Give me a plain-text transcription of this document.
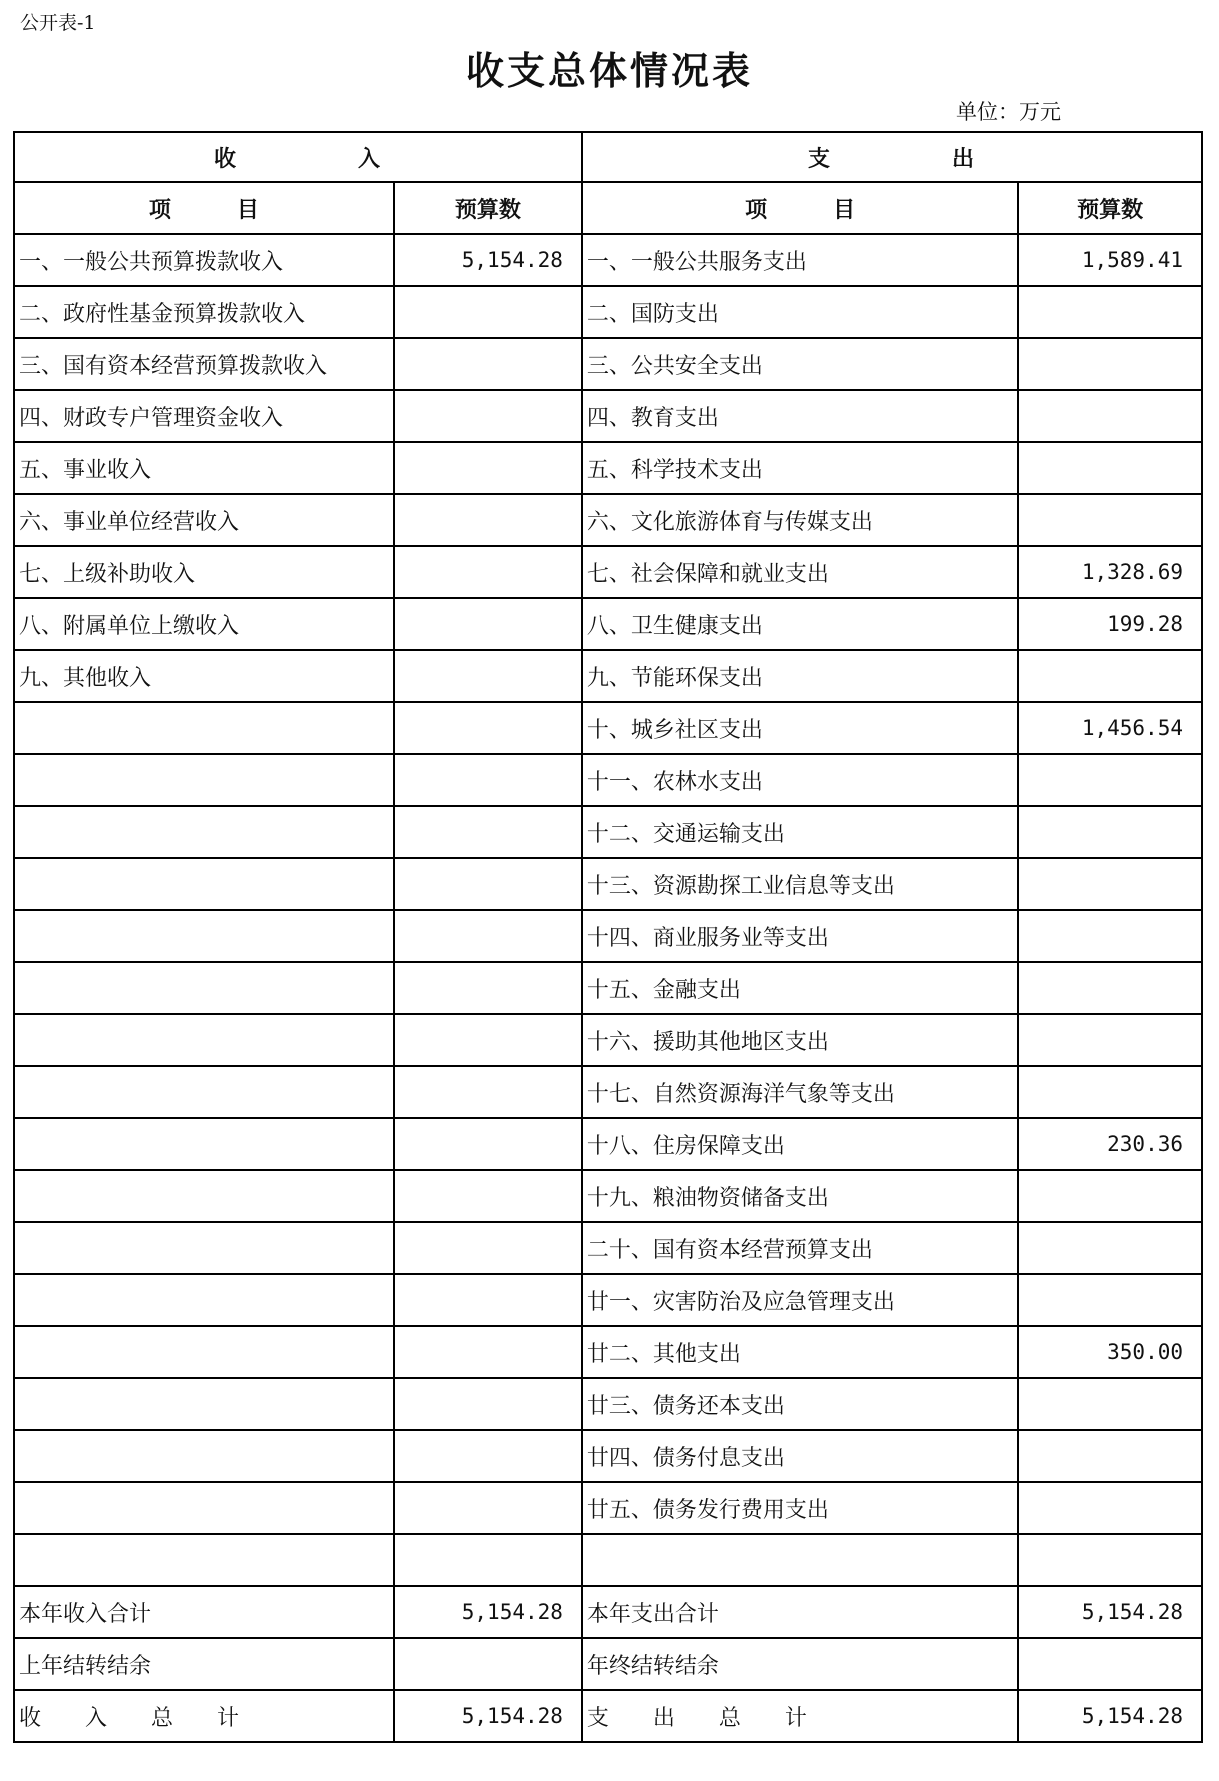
公开表-1
收支总体情况表
单位：万元
收　　　　　入		支　　　　　出	
项　　　目	预算数	项　　　目	预算数
一、一般公共预算拨款收入	5,154.28	一、一般公共服务支出	1,589.41
二、政府性基金预算拨款收入		二、国防支出	
三、国有资本经营预算拨款收入		三、公共安全支出	
四、财政专户管理资金收入		四、教育支出	
五、事业收入		五、科学技术支出	
六、事业单位经营收入		六、文化旅游体育与传媒支出	
七、上级补助收入		七、社会保障和就业支出	1,328.69
八、附属单位上缴收入		八、卫生健康支出	199.28
九、其他收入		九、节能环保支出	
		十、城乡社区支出	1,456.54
		十一、农林水支出	
		十二、交通运输支出	
		十三、资源勘探工业信息等支出	
		十四、商业服务业等支出	
		十五、金融支出	
		十六、援助其他地区支出	
		十七、自然资源海洋气象等支出	
		十八、住房保障支出	230.36
		十九、粮油物资储备支出	
		二十、国有资本经营预算支出	
		廿一、灾害防治及应急管理支出	
		廿二、其他支出	350.00
		廿三、债务还本支出	
		廿四、债务付息支出	
		廿五、债务发行费用支出	

本年收入合计	5,154.28	本年支出合计	5,154.28
上年结转结余		年终结转结余	
收　　入　　总　　计	5,154.28	支　　出　　总　　计	5,154.28
